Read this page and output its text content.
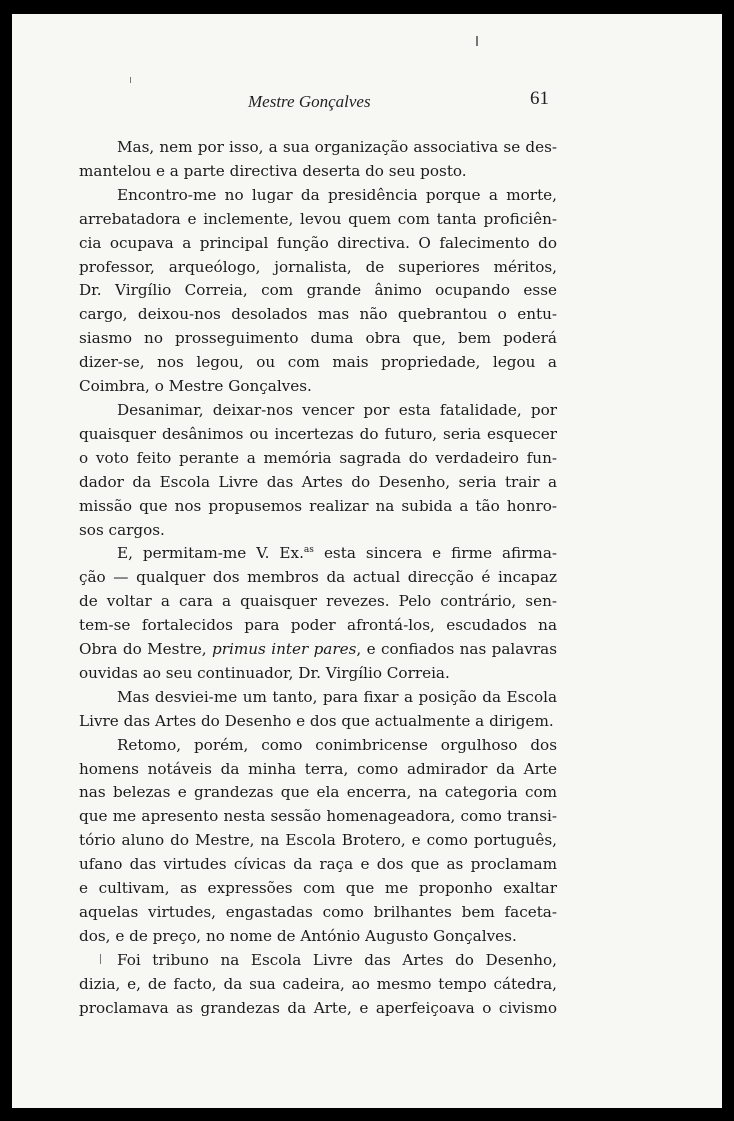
Mestre Gonçalves	61
Mas, nem por isso, a sua organização associativa se des-
mantelou e a parte directiva deserta do seu posto.
Encontro-me no lugar da presidência porque a morte,
arrebatadora e inclemente, levou quem com tanta proficiên-
cia ocupava a principal função directiva. O falecimento do
professor, arqueólogo, jornalista, de superiores méritos,
Dr. Virgílio Correia, com grande ânimo ocupando esse
cargo, deixou-nos desolados mas não quebrantou o entu-
siasmo no prosseguimento duma obra que, bem poderá
dizer-se, nos legou, ou com mais propriedade, legou a
Coimbra, o Mestre Gonçalves.
Desanimar, deixar-nos vencer por esta fatalidade, por
quaisquer desânimos ou incertezas do futuro, seria esquecer
o voto feito perante a memória sagrada do verdadeiro fun-
dador da Escola Livre das Artes do Desenho, seria trair a
missão que nos propusemos realizar na subida a tão honro-
sos cargos.
E, permitam-me V. Ex.$^{as}$ esta sincera e firme afirma-
ção — qualquer dos membros da actual direcção é incapaz
de voltar a cara a quaisquer revezes. Pelo contrário, sen-
tem-se fortalecidos para poder afrontá-los, escudados na
Obra do Mestre, primus inter pares, e confiados nas palavras
ouvidas ao seu continuador, Dr. Virgílio Correia.
Mas desviei-me um tanto, para fixar a posição da Escola
Livre das Artes do Desenho e dos que actualmente a dirigem.
Retomo, porém, como conimbricense orgulhoso dos
homens notáveis da minha terra, como admirador da Arte
nas belezas e grandezas que ela encerra, na categoria com
que me apresento nesta sessão homenageadora, como transi-
tório aluno do Mestre, na Escola Brotero, e como português,
ufano das virtudes cívicas da raça e dos que as proclamam
e cultivam, as expressões com que me proponho exaltar
aquelas virtudes, engastadas como brilhantes bem faceta-
dos, e de preço, no nome de António Augusto Gonçalves.
Foi tribuno na Escola Livre das Artes do Desenho,
dizia, e, de facto, da sua cadeira, ao mesmo tempo cátedra,
proclamava as grandezas da Arte, e aperfeiçoava o civismo
